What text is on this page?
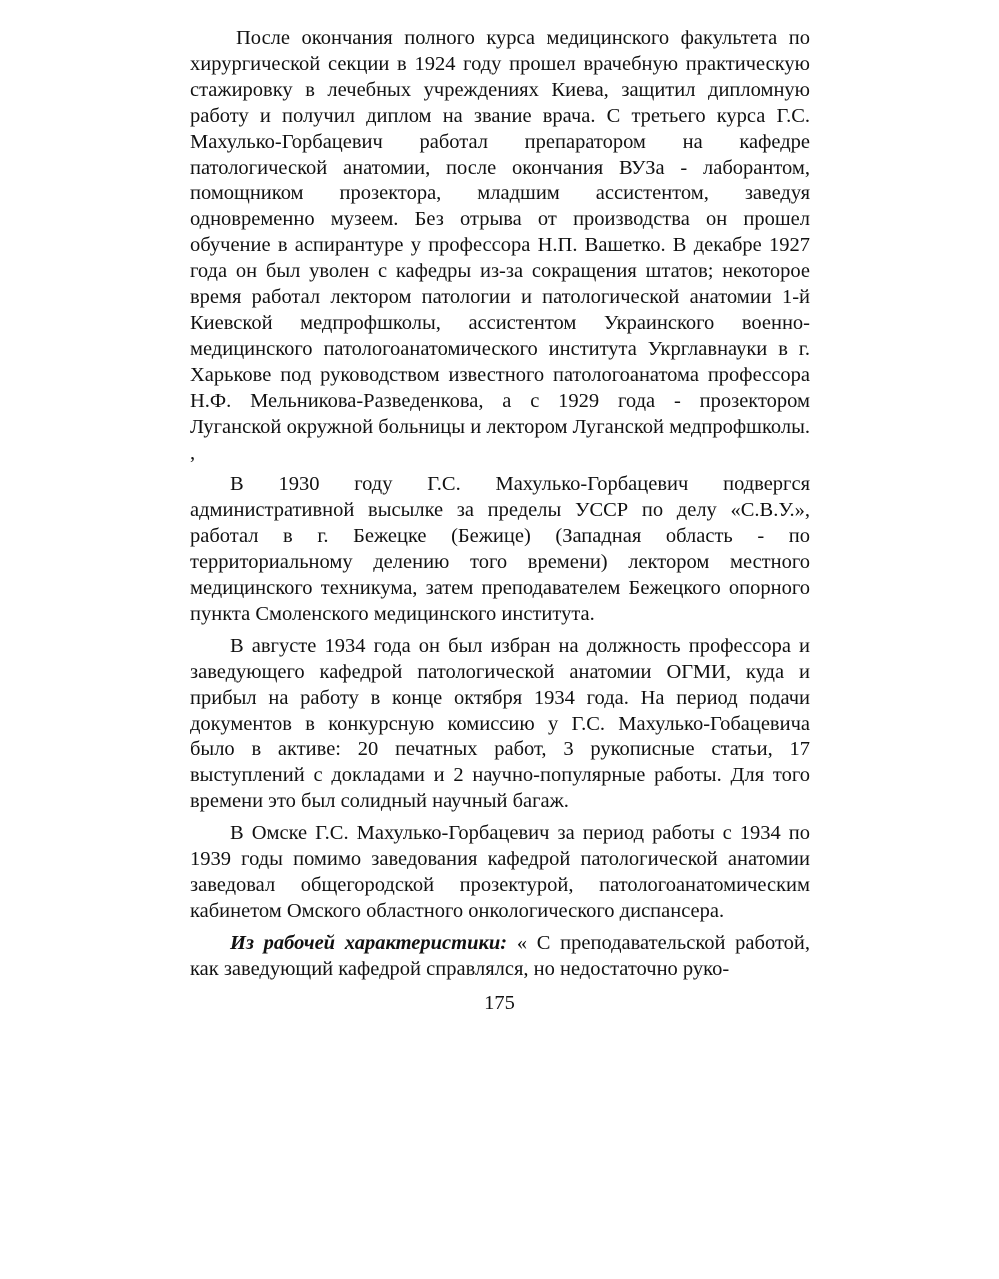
После окончания полного курса медицинского факультета по хирургической секции в 1924 году прошел врачебную практическую стажировку в лечебных учреждениях Киева, защитил дипломную работу и получил диплом на звание врача. С третьего курса Г.С. Махулько-Горбацевич работал препаратором на кафедре патологической анатомии, после окончания ВУЗа - лаборантом, помощником прозектора, младшим ассистентом, заведуя одновременно музеем. Без отрыва от производства он прошел обучение в аспирантуре у профессора Н.П. Вашетко. В декабре 1927 года он был уволен с кафедры из-за сокращения штатов; некоторое время работал лектором патологии и патологической анатомии 1-й Киевской медпрофшколы, ассистентом Украинского военно-медицинского патологоанатомического института Укрглавнауки в г. Харькове под руководством известного патологоанатома профессора Н.Ф. Мельникова-Разведенкова, а с 1929 года - прозектором Луганской окружной больницы и лектором Луганской медпрофшколы. ,

В 1930 году Г.С. Махулько-Горбацевич подвергся административной высылке за пределы УССР по делу «С.В.У.», работал в г. Бежецке (Бежице) (Западная область - по территориальному делению того времени) лектором местного медицинского техникума, затем преподавателем Бежецкого опорного пункта Смоленского медицинского института.

В августе 1934 года он был избран на должность профессора и заведующего кафедрой патологической анатомии ОГМИ, куда и прибыл на работу в конце октября 1934 года. На период подачи документов в конкурсную комиссию у Г.С. Махулько-Гобацевича было в активе: 20 печатных работ, 3 рукописные статьи, 17 выступлений с докладами и 2 научно-популярные работы. Для того времени это был солидный научный багаж.

В Омске Г.С. Махулько-Горбацевич за период работы с 1934 по 1939 годы помимо заведования кафедрой патологической анатомии заведовал общегородской прозектурой, патологоанатомическим кабинетом Омского областного онкологического диспансера.

Из рабочей характеристики: « С преподавательской работой, как заведующий кафедрой справлялся, но недостаточно руко-

175
